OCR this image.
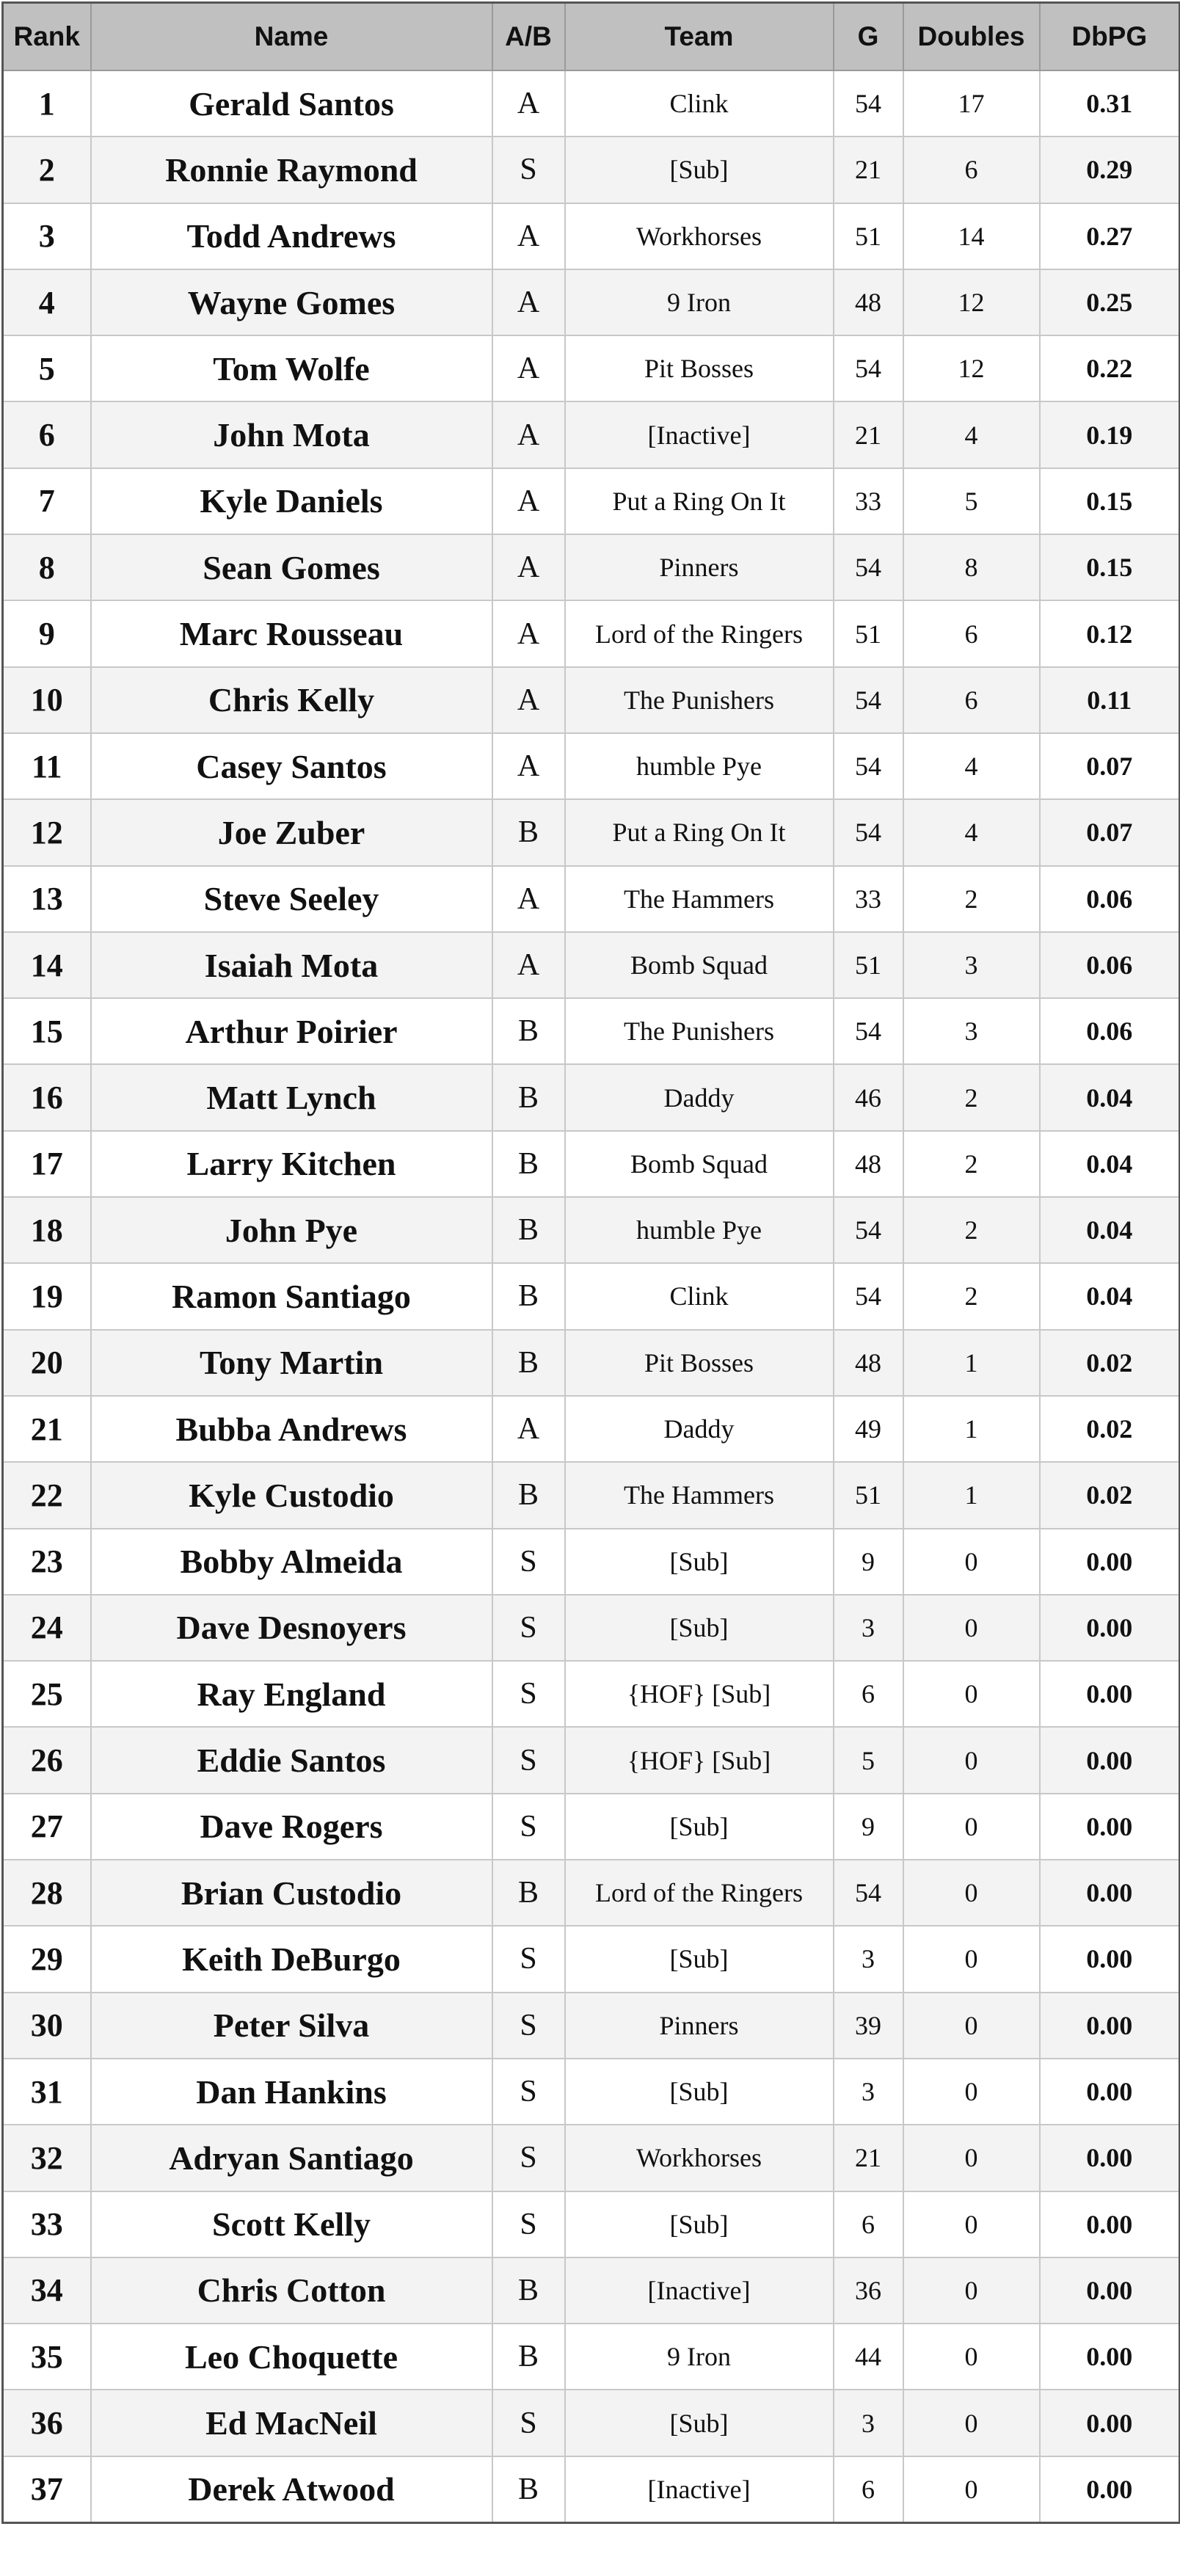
Rank	Name	A/B	Team	G	Doubles	DbPG
1	Gerald Santos	A	Clink	54	17	0.31
2	Ronnie Raymond	S	[Sub]	21	6	0.29
3	Todd Andrews	A	Workhorses	51	14	0.27
4	Wayne Gomes	A	9 Iron	48	12	0.25
5	Tom Wolfe	A	Pit Bosses	54	12	0.22
6	John Mota	A	[Inactive]	21	4	0.19
7	Kyle Daniels	A	Put a Ring On It	33	5	0.15
8	Sean Gomes	A	Pinners	54	8	0.15
9	Marc Rousseau	A	Lord of the Ringers	51	6	0.12
10	Chris Kelly	A	The Punishers	54	6	0.11
11	Casey Santos	A	humble Pye	54	4	0.07
12	Joe Zuber	B	Put a Ring On It	54	4	0.07
13	Steve Seeley	A	The Hammers	33	2	0.06
14	Isaiah Mota	A	Bomb Squad	51	3	0.06
15	Arthur Poirier	B	The Punishers	54	3	0.06
16	Matt Lynch	B	Daddy	46	2	0.04
17	Larry Kitchen	B	Bomb Squad	48	2	0.04
18	John Pye	B	humble Pye	54	2	0.04
19	Ramon Santiago	B	Clink	54	2	0.04
20	Tony Martin	B	Pit Bosses	48	1	0.02
21	Bubba Andrews	A	Daddy	49	1	0.02
22	Kyle Custodio	B	The Hammers	51	1	0.02
23	Bobby Almeida	S	[Sub]	9	0	0.00
24	Dave Desnoyers	S	[Sub]	3	0	0.00
25	Ray England	S	{HOF} [Sub]	6	0	0.00
26	Eddie Santos	S	{HOF} [Sub]	5	0	0.00
27	Dave Rogers	S	[Sub]	9	0	0.00
28	Brian Custodio	B	Lord of the Ringers	54	0	0.00
29	Keith DeBurgo	S	[Sub]	3	0	0.00
30	Peter Silva	S	Pinners	39	0	0.00
31	Dan Hankins	S	[Sub]	3	0	0.00
32	Adryan Santiago	S	Workhorses	21	0	0.00
33	Scott Kelly	S	[Sub]	6	0	0.00
34	Chris Cotton	B	[Inactive]	36	0	0.00
35	Leo Choquette	B	9 Iron	44	0	0.00
36	Ed MacNeil	S	[Sub]	3	0	0.00
37	Derek Atwood	B	[Inactive]	6	0	0.00
